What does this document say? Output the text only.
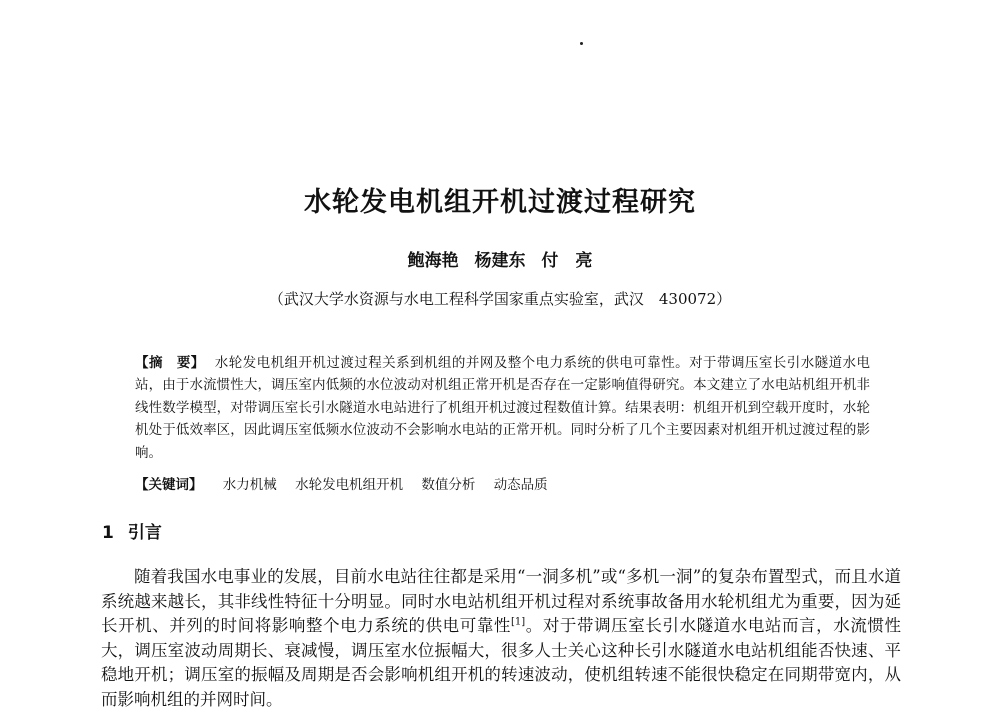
水轮发电机组开机过渡过程研究
鲍海艳 杨建东 付　亮
（武汉大学水资源与水电工程科学国家重点实验室，武汉　430072）
【摘　要】 水轮发电机组开机过渡过程关系到机组的并网及整个电力系统的供电可靠性。对于带调压室长引水隧道水电站，由于水流惯性大，调压室内低频的水位波动对机组正常开机是否存在一定影响值得研究。本文建立了水电站机组开机非线性数学模型，对带调压室长引水隧道水电站进行了机组开机过渡过程数值计算。结果表明：机组开机到空载开度时，水轮机处于低效率区，因此调压室低频水位波动不会影响水电站的正常开机。同时分析了几个主要因素对机组开机过渡过程的影响。
【关键词】 水力机械 水轮发电机组开机 数值分析 动态品质
1 引言
随着我国水电事业的发展，目前水电站往往都是采用“一洞多机”或“多机一洞”的复杂布置型式，而且水道系统越来越长，其非线性特征十分明显。同时水电站机组开机过程对系统事故备用水轮机组尤为重要，因为延长开机、并列的时间将影响整个电力系统的供电可靠性[1]。对于带调压室长引水隧道水电站而言，水流惯性大，调压室波动周期长、衰减慢，调压室水位振幅大，很多人士关心这种长引水隧道水电站机组能否快速、平稳地开机；调压室的振幅及周期是否会影响机组开机的转速波动，使机组转速不能很快稳定在同期带宽内，从而影响机组的并网时间。
